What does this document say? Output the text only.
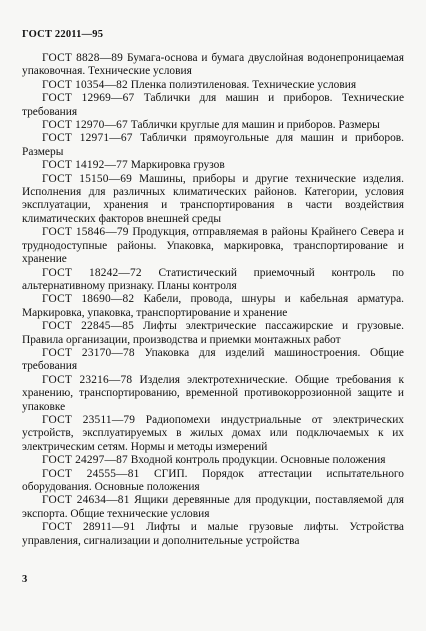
ГОСТ 22011—95

ГОСТ 8828—89 Бумага-основа и бумага двуслойная водонепроницаемая упаковочная. Технические условия

ГОСТ 10354—82 Пленка полиэтиленовая. Технические условия

ГОСТ 12969—67 Таблички для машин и приборов. Технические требования

ГОСТ 12970—67 Таблички круглые для машин и приборов. Размеры

ГОСТ 12971—67 Таблички прямоугольные для машин и приборов. Размеры

ГОСТ 14192—77 Маркировка грузов

ГОСТ 15150—69 Машины, приборы и другие технические изделия. Исполнения для различных климатических районов. Категории, условия эксплуатации, хранения и транспортирования в части воздействия климатических факторов внешней среды

ГОСТ 15846—79 Продукция, отправляемая в районы Крайнего Севера и труднодоступные районы. Упаковка, маркировка, транспортирование и хранение

ГОСТ 18242—72 Статистический приемочный контроль по альтернативному признаку. Планы контроля

ГОСТ 18690—82 Кабели, провода, шнуры и кабельная арматура. Маркировка, упаковка, транспортирование и хранение

ГОСТ 22845—85 Лифты электрические пассажирские и грузовые. Правила организации, производства и приемки монтажных работ

ГОСТ 23170—78 Упаковка для изделий машиностроения. Общие требования

ГОСТ 23216—78 Изделия электротехнические. Общие требования к хранению, транспортированию, временной противокоррозионной защите и упаковке

ГОСТ 23511—79 Радиопомехи индустриальные от электрических устройств, эксплуатируемых в жилых домах или подключаемых к их электрическим сетям. Нормы и методы измерений

ГОСТ 24297—87 Входной контроль продукции. Основные положения

ГОСТ 24555—81 СГИП. Порядок аттестации испытательного оборудования. Основные положения

ГОСТ 24634—81 Ящики деревянные для продукции, поставляемой для экспорта. Общие технические условия

ГОСТ 28911—91 Лифты и малые грузовые лифты. Устройства управления, сигнализации и дополнительные устройства

3
